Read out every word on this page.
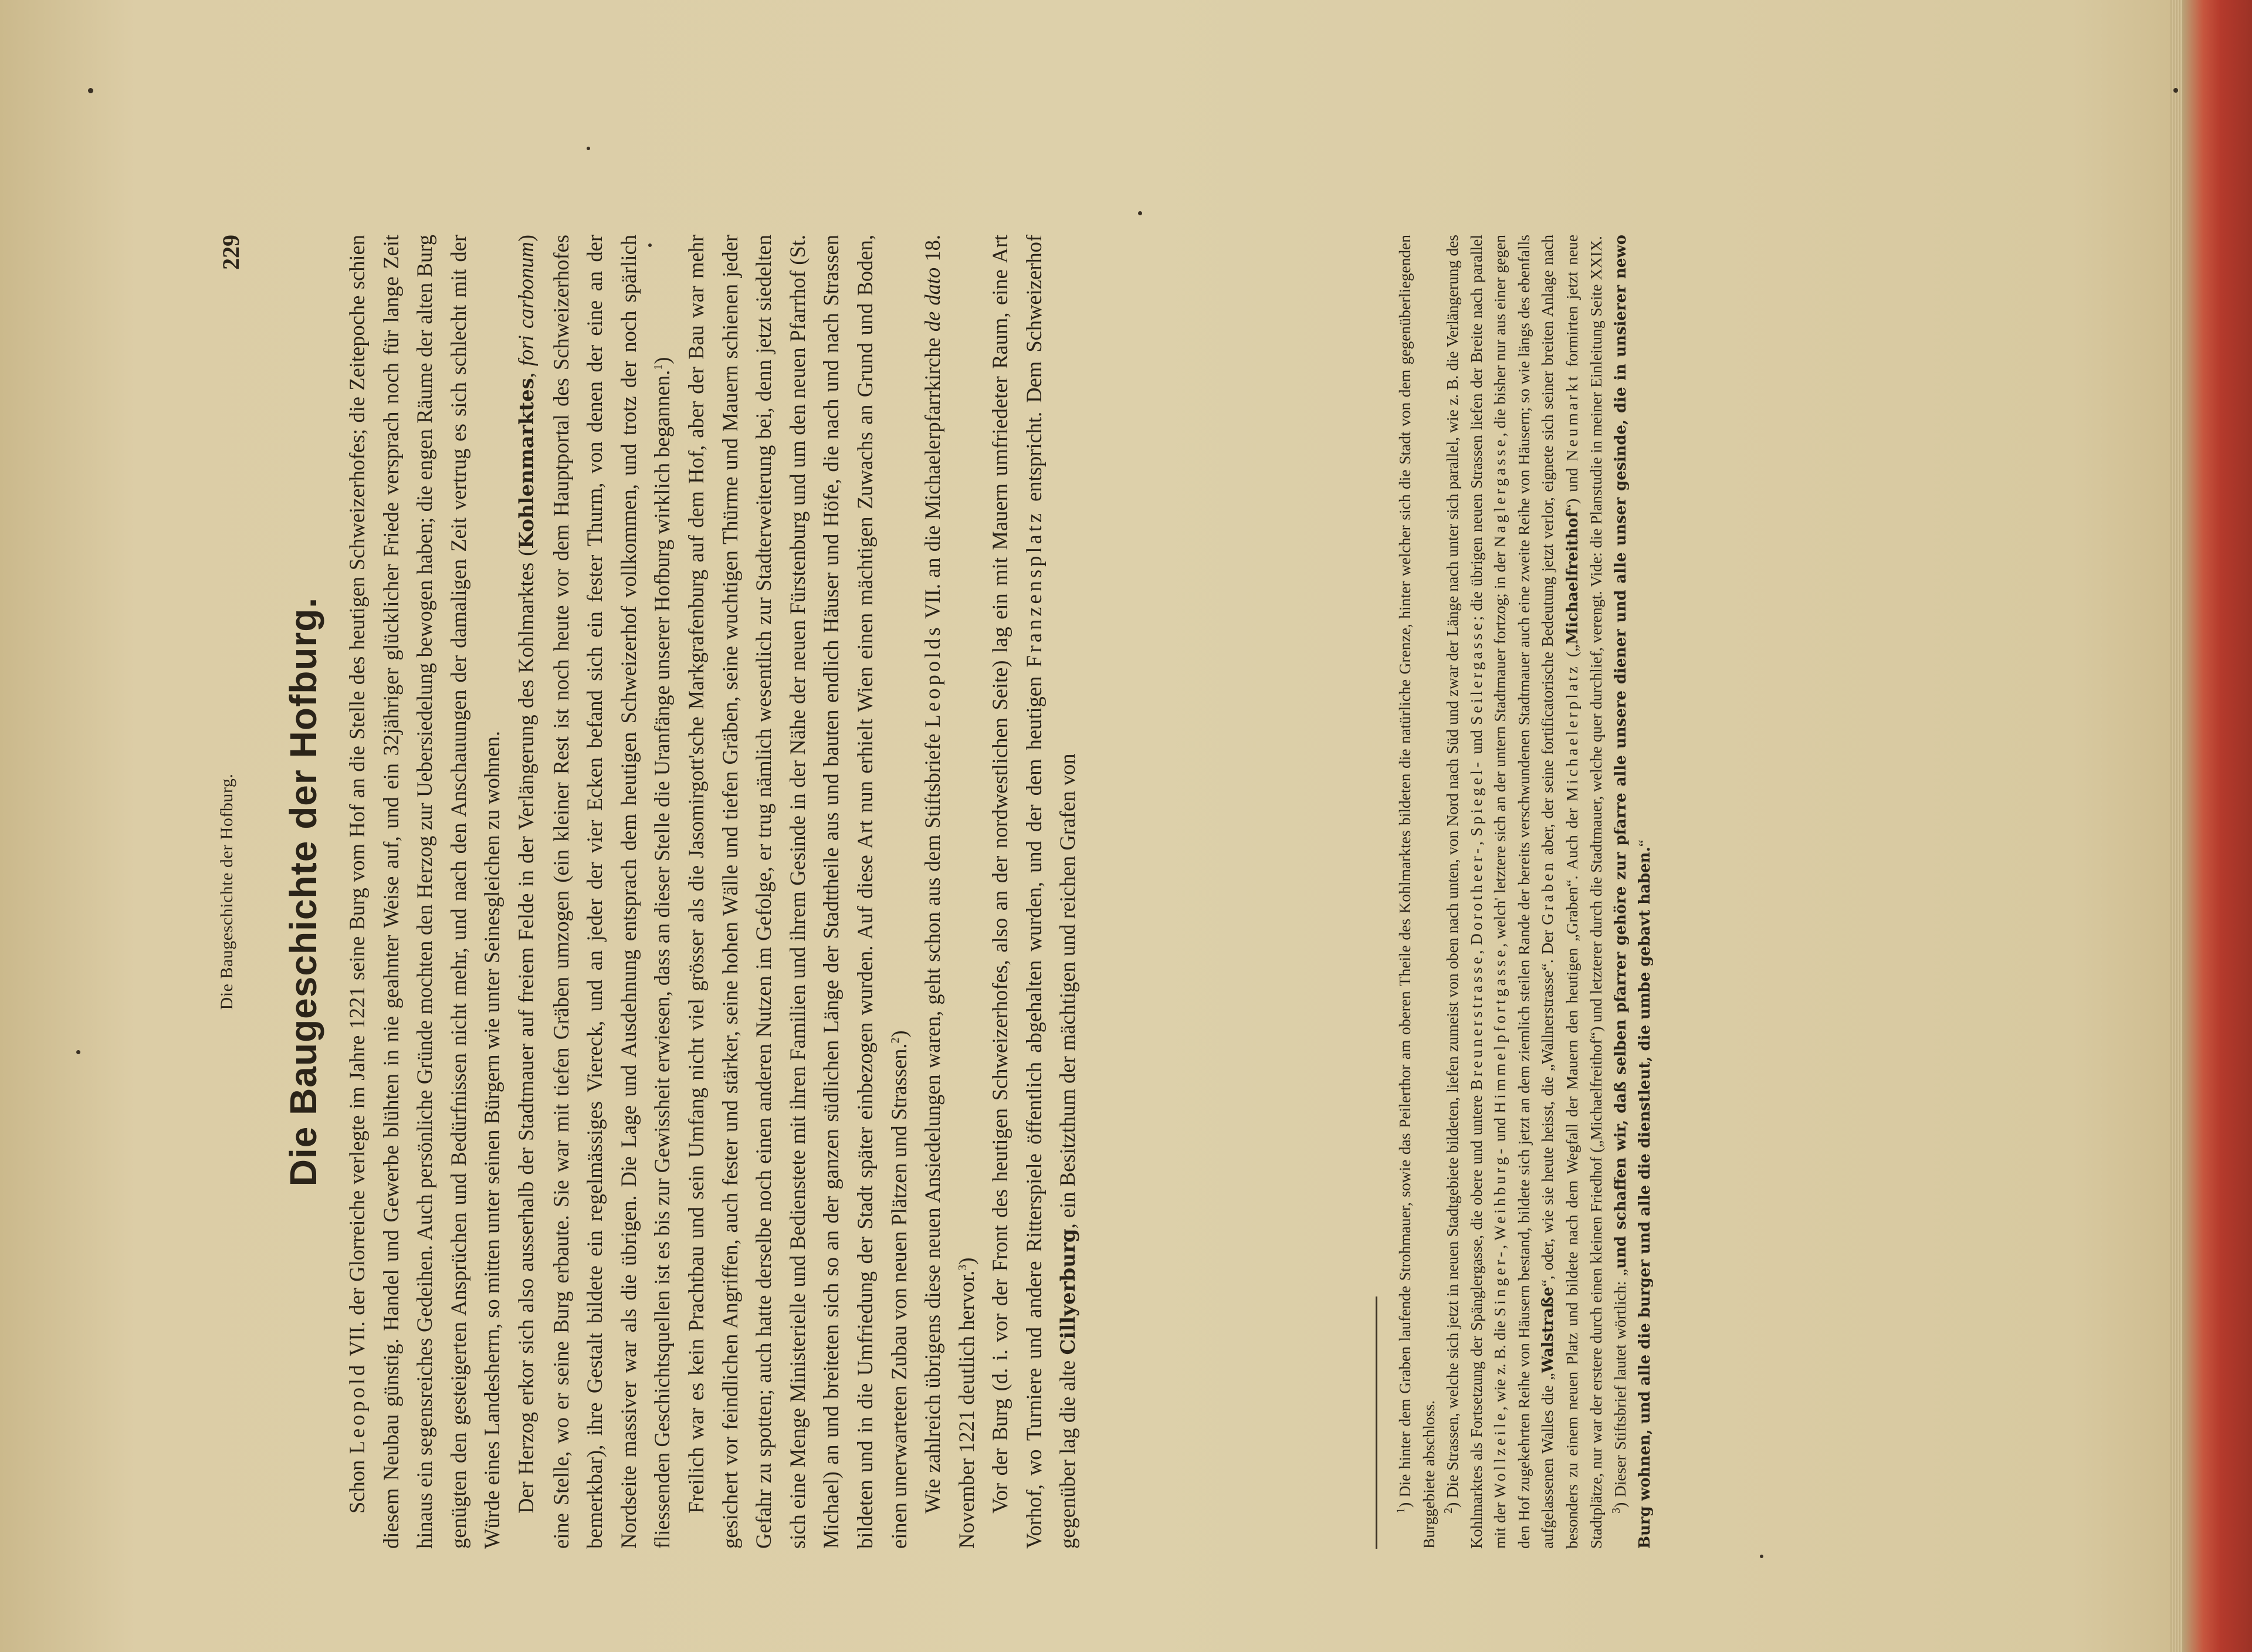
Die Baugeschichte der Hofburg.
229
Die Baugeschichte der Hofburg.

Schon Leopold VII. der Glorreiche verlegte im Jahre 1221 seine Burg vom Hof an die Stelle des heutigen Schweizerhofes; die Zeitepoche schien diesem Neubau günstig. Handel und Gewerbe blühten in nie geahnter Weise auf, und ein 32jähriger glücklicher Friede versprach noch für lange Zeit hinaus ein segensreiches Gedeihen. Auch persönliche Gründe mochten den Herzog zur Uebersiedelung bewogen haben; die engen Räume der alten Burg genügten den gesteigerten Ansprüchen und Bedürfnissen nicht mehr, und nach den Anschauungen der damaligen Zeit vertrug es sich schlecht mit der Würde eines Landesherrn, so mitten unter seinen Bürgern wie unter Seinesgleichen zu wohnen. Der Herzog erkor sich also ausserhalb der Stadtmauer auf freiem Felde in der Verlängerung des Kohlmarktes (Kohlenmarktes, fori carbonum) eine Stelle, wo er seine Burg erbaute. Sie war mit tiefen Gräben umzogen (ein kleiner Rest ist noch heute vor dem Hauptportal des Schweizerhofes bemerkbar), ihre Gestalt bildete ein regelmässiges Viereck, und an jeder der vier Ecken befand sich ein fester Thurm, von denen der eine an der Nordseite massiver war als die übrigen. Die Lage und Ausdehnung entsprach dem heutigen Schweizerhof vollkommen, und trotz der noch spärlich fliessenden Geschichtsquellen ist es bis zur Gewissheit erwiesen, dass an dieser Stelle die Uranfänge unserer Hofburg wirklich begannen.$^1$) Freilich war es kein Prachtbau und sein Umfang nicht viel grösser als die Jasomirgott'sche Markgrafenburg auf dem Hof, aber der Bau war mehr gesichert vor feindlichen Angriffen, auch fester und stärker, seine hohen Wälle und tiefen Gräben, seine wuchtigen Thürme und Mauern schienen jeder Gefahr zu spotten; auch hatte derselbe noch einen anderen Nutzen im Gefolge, er trug nämlich wesentlich zur Stadterweiterung bei, denn jetzt siedelten sich eine Menge Ministerielle und Bedienstete mit ihren Familien und ihrem Gesinde in der Nähe der neuen Fürstenburg und um den neuen Pfarrhof (St. Michael) an und breiteten sich so an der ganzen südlichen Länge der Stadttheile aus und bauten endlich Häuser und Höfe, die nach und nach Strassen bildeten und in die Umfriedung der Stadt später einbezogen wurden. Auf diese Art nun erhielt Wien einen mächtigen Zuwachs an Grund und Boden, einen unerwarteten Zubau von neuen Plätzen und Strassen.$^2$) Wie zahlreich übrigens diese neuen Ansiedelungen waren, geht schon aus dem Stiftsbriefe Leopolds VII. an die Michaelerpfarrkirche de dato 18. November 1221 deutlich hervor.$^3$) Vor der Burg (d. i. vor der Front des heutigen Schweizerhofes, also an der nordwestlichen Seite) lag ein mit Mauern umfriedeter Raum, eine Art Vorhof, wo Turniere und andere Ritterspiele öffentlich abgehalten wurden, und der dem heutigen Franzensplatz entspricht. Dem Schweizerhof gegenüber lag die alte Cillyerburg, ein Besitzthum der mächtigen und reichen Grafen von

$^1$) Die hinter dem Graben laufende Strohmauer, sowie das Peilerthor am oberen Theile des Kohlmarktes bildeten die natürliche Grenze, hinter welcher sich die Stadt von dem gegenüberliegenden Burggebiete abschloss. $^2$) Die Strassen, welche sich jetzt in neuen Stadtgebiete bildeten, liefen zumeist von oben nach unten, von Nord nach Süd und zwar der Länge nach unter sich parallel, wie z. B. die Verlängerung des Kohlmarktes als Fortsetzung der Spänglergasse, die obere und untere Breunerstrasse, Dorotheer-, Spiegel- und Seilergasse; die übrigen neuen Strassen liefen der Breite nach parallel mit der Wollzeile, wie z. B. die Singer-, Weihburg- und Himmelpfortgasse, welch' letztere sich an der untern Stadtmauer fortzog; in der Naglergasse, die bisher nur aus einer gegen den Hof zugekehrten Reihe von Häusern bestand, bildete sich jetzt an dem ziemlich steilen Rande der bereits verschwundenen Stadtmauer auch eine zweite Reihe von Häusern; so wie längs des ebenfalls aufgelassenen Walles die „Walstraße“, oder, wie sie heute heisst, die „Wallnerstrasse“. Der Graben aber, der seine fortificatorische Bedeutung jetzt verlor, eignete sich seiner breiten Anlage nach besonders zu einem neuen Platz und bildete nach dem Wegfall der Mauern den heutigen „Graben“. Auch der Michaelerplatz („Michaelfreithof“) und Neumarkt formirten jetzt neue Stadtplätze, nur war der erstere durch einen kleinen Friedhof („Michaelfreithof“) und letzterer durch die Stadtmauer, welche quer durchlief, verengt. Vide: die Planstudie in meiner Einleitung Seite XXIX. $^3$) Dieser Stiftsbrief lautet wörtlich: „und schaffen wir, daß selben pfarrer gehöre zur pfarre alle unsere diener und alle unser gesinde, die in unsierer newo Burg wohnen, und alle die burger und alle die dienstleut, die umbe gebavt haben.“
